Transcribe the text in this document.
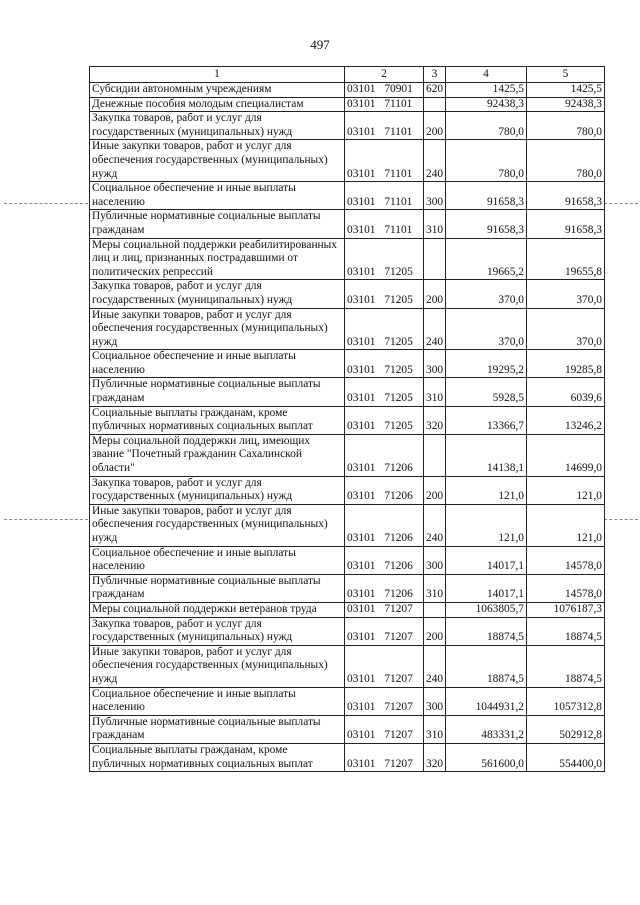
497
1	2	3	4	5
Субсидии автономным учреждениям	03101 70901	620	1425,5	1425,5
Денежные пособия молодым специалистам	03101 71101		92438,3	92438,3
Закупка товаров, работ и услуг для государственных (муниципальных) нужд	03101 71101	200	780,0	780,0
Иные закупки товаров, работ и услуг для обеспечения государственных (муниципальных) нужд	03101 71101	240	780,0	780,0
Социальное обеспечение и иные выплаты населению	03101 71101	300	91658,3	91658,3
Публичные нормативные социальные выплаты гражданам	03101 71101	310	91658,3	91658,3
Меры социальной поддержки реабилитированных лиц и лиц, признанных пострадавшими от политических репрессий	03101 71205		19665,2	19655,8
Закупка товаров, работ и услуг для государственных (муниципальных) нужд	03101 71205	200	370,0	370,0
Иные закупки товаров, работ и услуг для обеспечения государственных (муниципальных) нужд	03101 71205	240	370,0	370,0
Социальное обеспечение и иные выплаты населению	03101 71205	300	19295,2	19285,8
Публичные нормативные социальные выплаты гражданам	03101 71205	310	5928,5	6039,6
Социальные выплаты гражданам, кроме публичных нормативных социальных выплат	03101 71205	320	13366,7	13246,2
Меры социальной поддержки лиц, имеющих звание "Почетный гражданин Сахалинской области"	03101 71206		14138,1	14699,0
Закупка товаров, работ и услуг для государственных (муниципальных) нужд	03101 71206	200	121,0	121,0
Иные закупки товаров, работ и услуг для обеспечения государственных (муниципальных) нужд	03101 71206	240	121,0	121,0
Социальное обеспечение и иные выплаты населению	03101 71206	300	14017,1	14578,0
Публичные нормативные социальные выплаты гражданам	03101 71206	310	14017,1	14578,0
Меры социальной поддержки ветеранов труда	03101 71207		1063805,7	1076187,3
Закупка товаров, работ и услуг для государственных (муниципальных) нужд	03101 71207	200	18874,5	18874,5
Иные закупки товаров, работ и услуг для обеспечения государственных (муниципальных) нужд	03101 71207	240	18874,5	18874,5
Социальное обеспечение и иные выплаты населению	03101 71207	300	1044931,2	1057312,8
Публичные нормативные социальные выплаты гражданам	03101 71207	310	483331,2	502912,8
Социальные выплаты гражданам, кроме публичных нормативных социальных выплат	03101 71207	320	561600,0	554400,0
